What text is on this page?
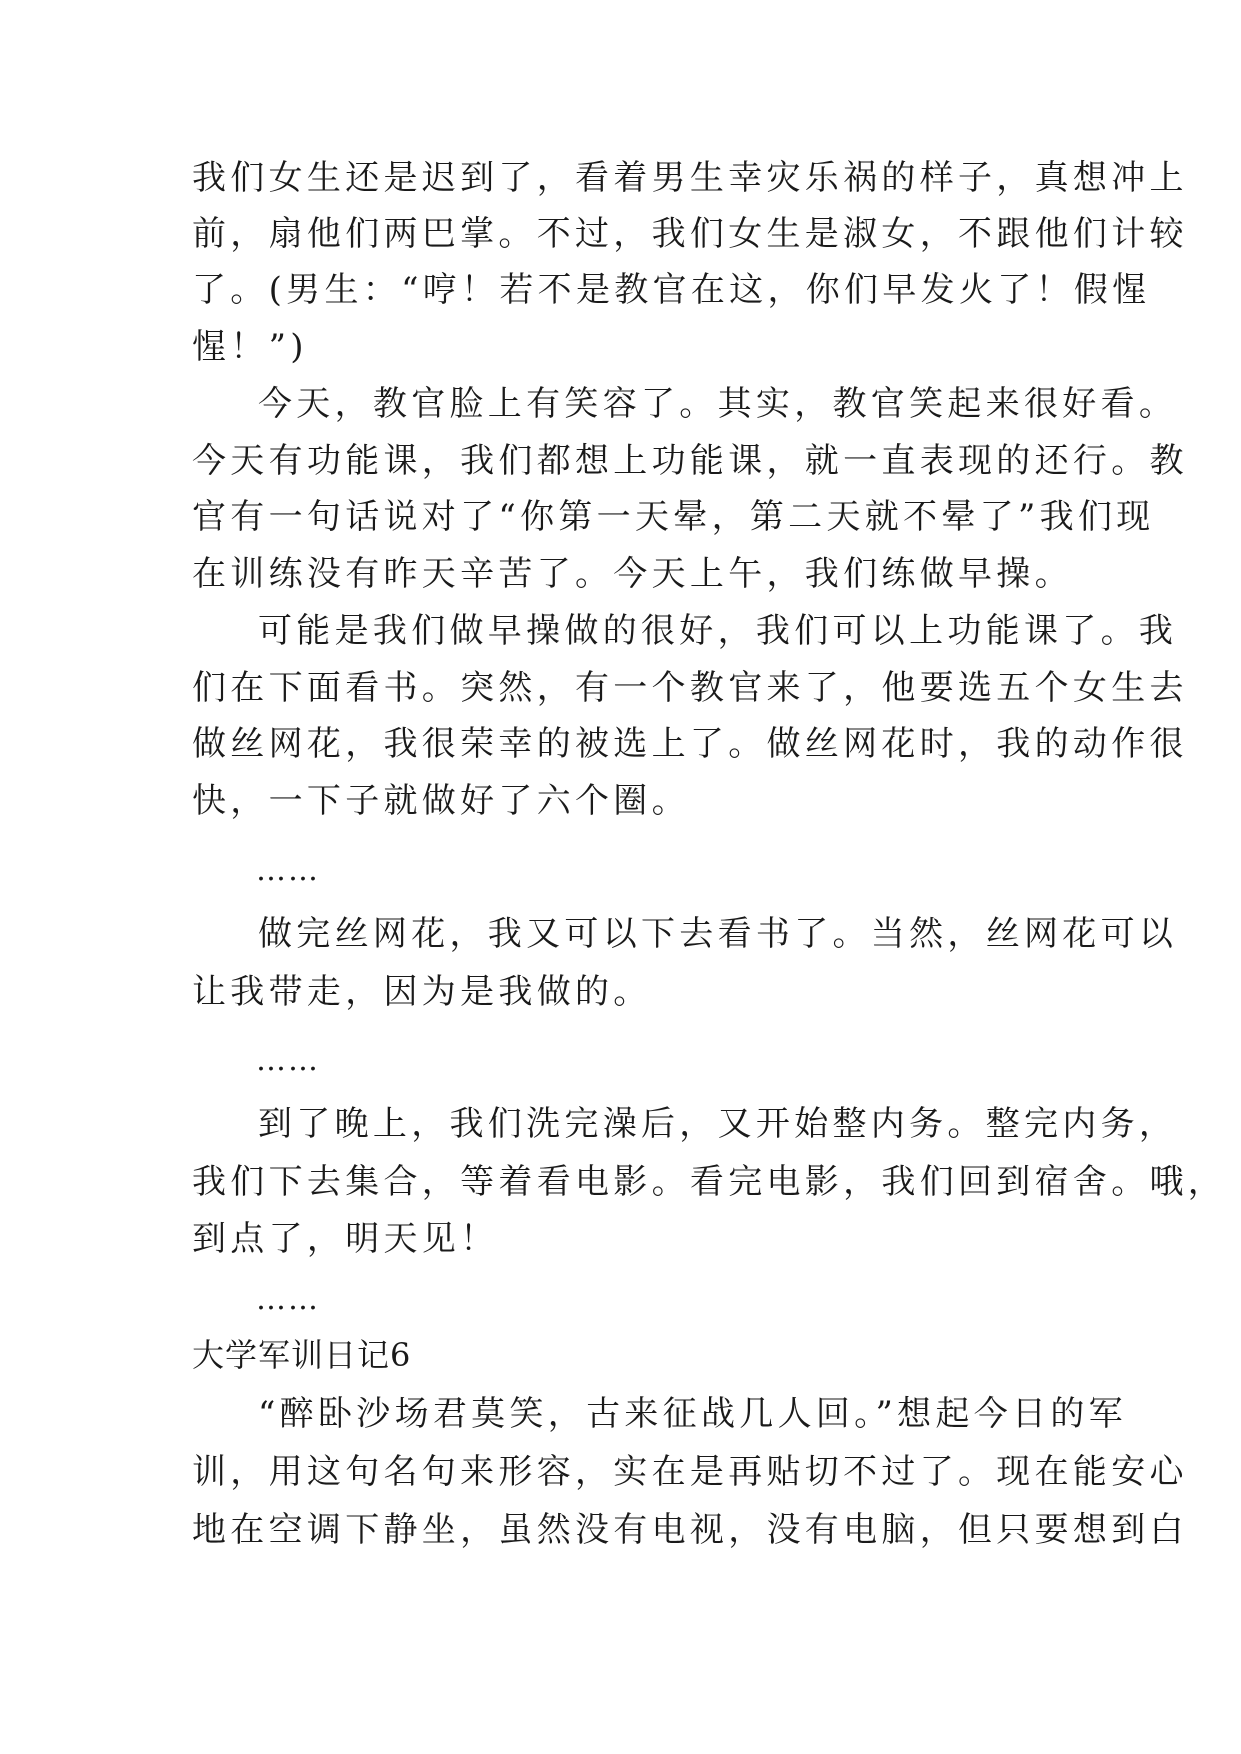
我们女生还是迟到了，看着男生幸灾乐祸的样子，真想冲上
前，扇他们两巴掌。不过，我们女生是淑女，不跟他们计较
了。(男生：“哼！若不是教官在这，你们早发火了！假惺
惺！”)
今天，教官脸上有笑容了。其实，教官笑起来很好看。
今天有功能课，我们都想上功能课，就一直表现的还行。教
官有一句话说对了“你第一天晕，第二天就不晕了”我们现
在训练没有昨天辛苦了。今天上午，我们练做早操。
可能是我们做早操做的很好，我们可以上功能课了。我
们在下面看书。突然，有一个教官来了，他要选五个女生去
做丝网花，我很荣幸的被选上了。做丝网花时，我的动作很
快，一下子就做好了六个圈。
……
做完丝网花，我又可以下去看书了。当然，丝网花可以
让我带走，因为是我做的。
……
到了晚上，我们洗完澡后，又开始整内务。整完内务，
我们下去集合，等着看电影。看完电影，我们回到宿舍。哦，
到点了，明天见！
……
大学军训日记6
“醉卧沙场君莫笑，古来征战几人回。”想起今日的军
训，用这句名句来形容，实在是再贴切不过了。现在能安心
地在空调下静坐，虽然没有电视，没有电脑，但只要想到白
